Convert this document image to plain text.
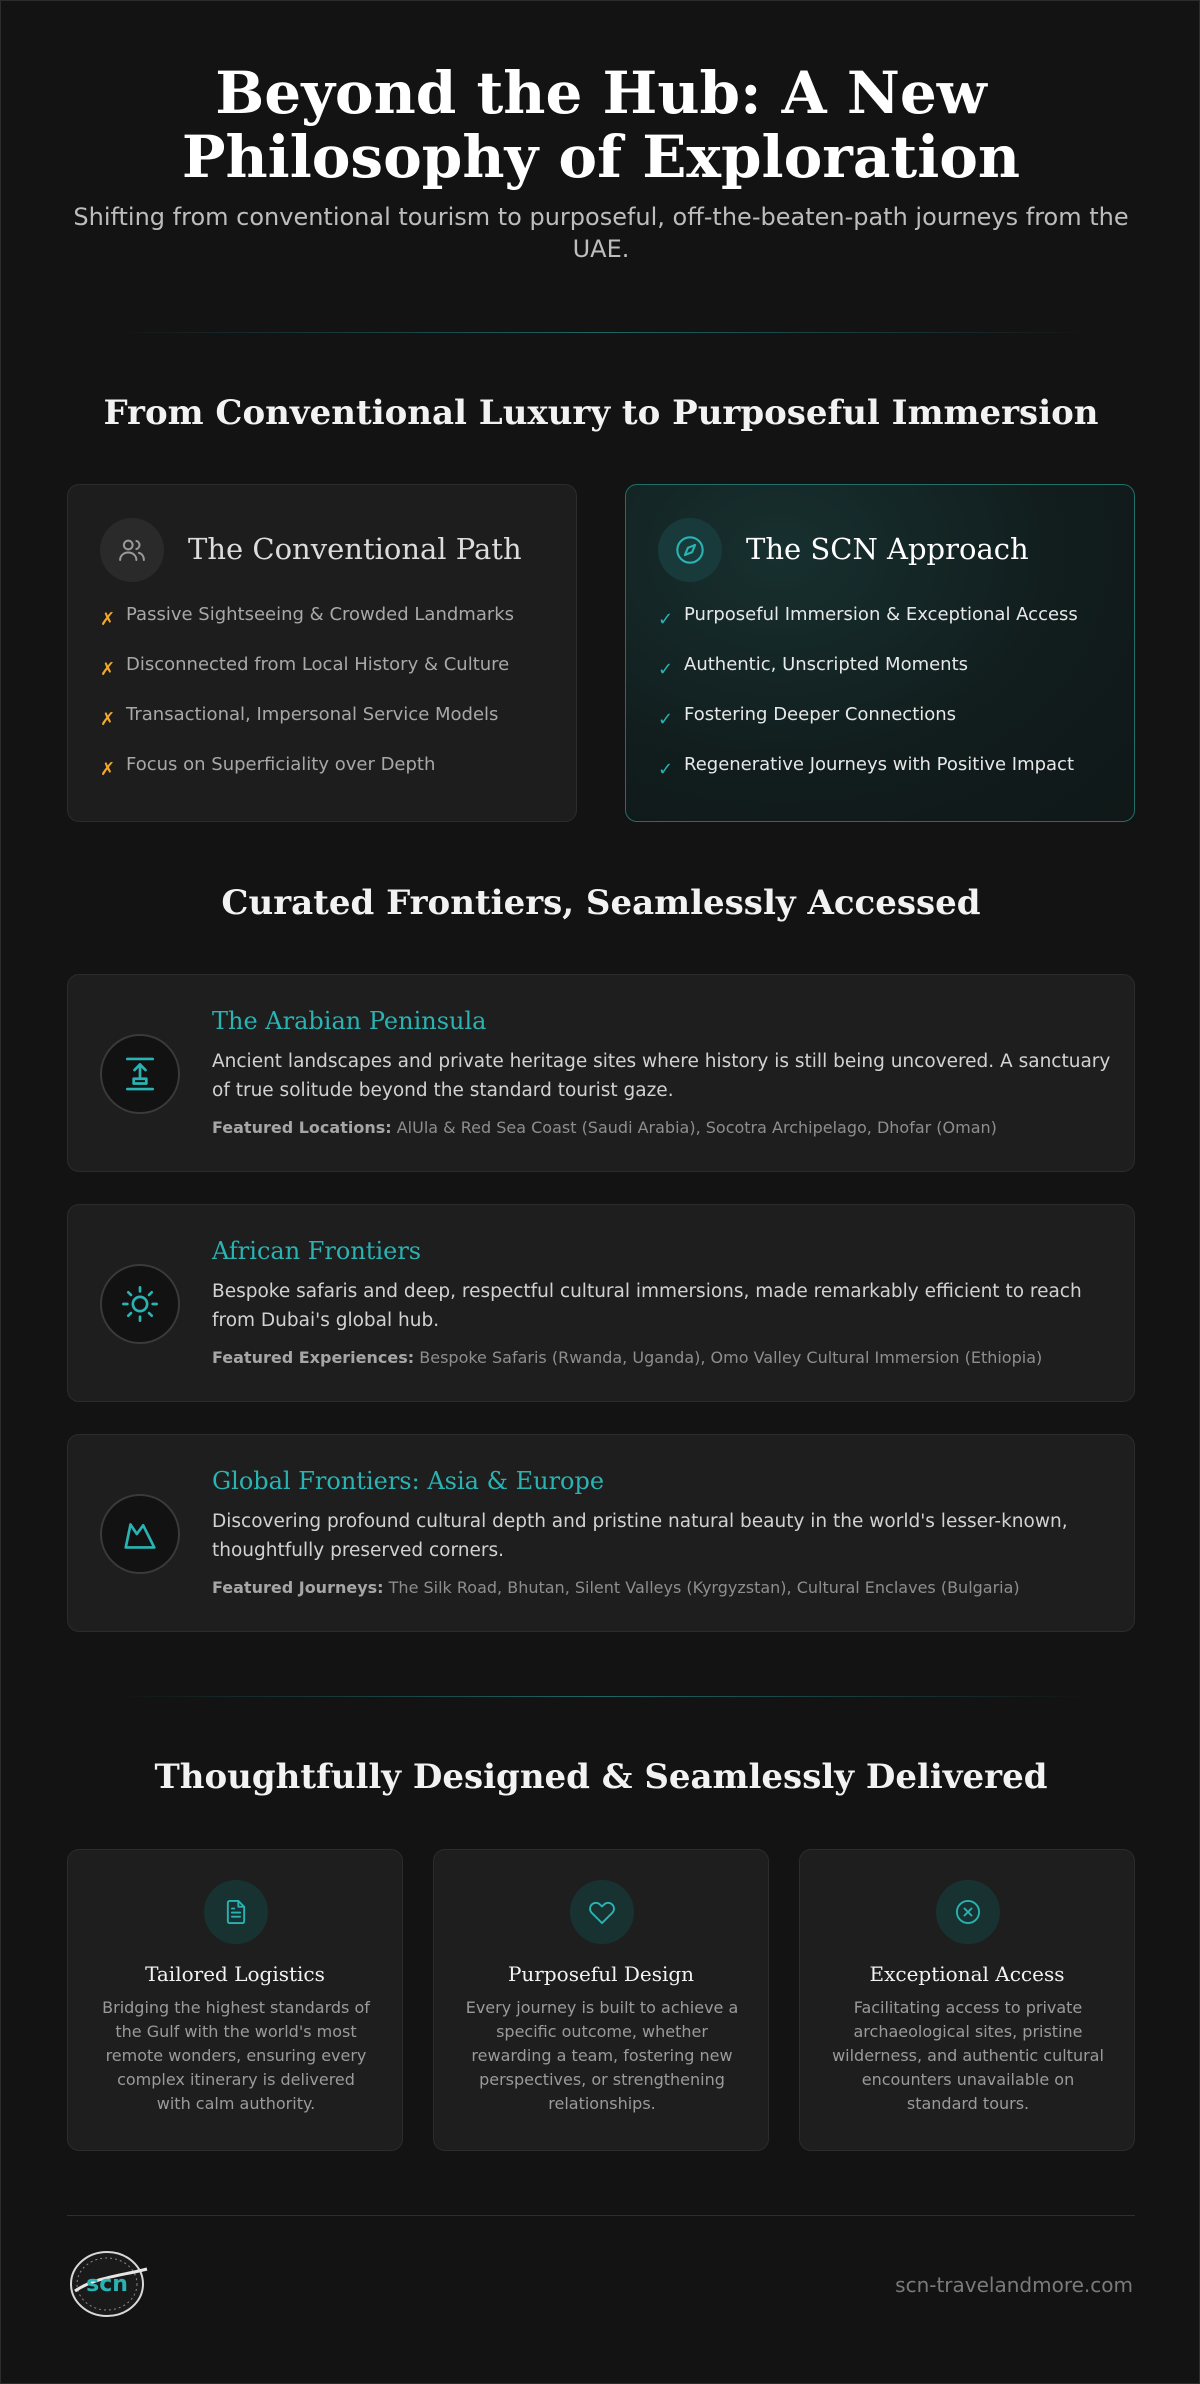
Beyond the Hub: A New
Philosophy of Exploration

Shifting from conventional tourism to purposeful, off-the-beaten-path journeys from the UAE.

From Conventional Luxury to Purposeful Immersion
The Conventional Path
✗ Passive Sightseeing & Crowded Landmarks
✗ Disconnected from Local History & Culture
✗ Transactional, Impersonal Service Models
✗ Focus on Superficiality over Depth
The SCN Approach
✓ Purposeful Immersion & Exceptional Access
✓ Authentic, Unscripted Moments
✓ Fostering Deeper Connections
✓ Regenerative Journeys with Positive Impact
Curated Frontiers, Seamlessly Accessed
The Arabian Peninsula
Ancient landscapes and private heritage sites where history is still being uncovered. A sanctuary of true solitude beyond the standard tourist gaze.
Featured Locations: AlUla & Red Sea Coast (Saudi Arabia), Socotra Archipelago, Dhofar (Oman)
African Frontiers
Bespoke safaris and deep, respectful cultural immersions, made remarkably efficient to reach from Dubai's global hub.
Featured Experiences: Bespoke Safaris (Rwanda, Uganda), Omo Valley Cultural Immersion (Ethiopia)
Global Frontiers: Asia & Europe
Discovering profound cultural depth and pristine natural beauty in the world's lesser-known, thoughtfully preserved corners.
Featured Journeys: The Silk Road, Bhutan, Silent Valleys (Kyrgyzstan), Cultural Enclaves (Bulgaria)
Thoughtfully Designed & Seamlessly Delivered
Tailored Logistics
Bridging the highest standards of the Gulf with the world's most remote wonders, ensuring every complex itinerary is delivered with calm authority.
Purposeful Design
Every journey is built to achieve a specific outcome, whether rewarding a team, fostering new perspectives, or strengthening relationships.
Exceptional Access
Facilitating access to private archaeological sites, pristine wilderness, and authentic cultural encounters unavailable on standard tours.
scn	scn-travelandmore.com
